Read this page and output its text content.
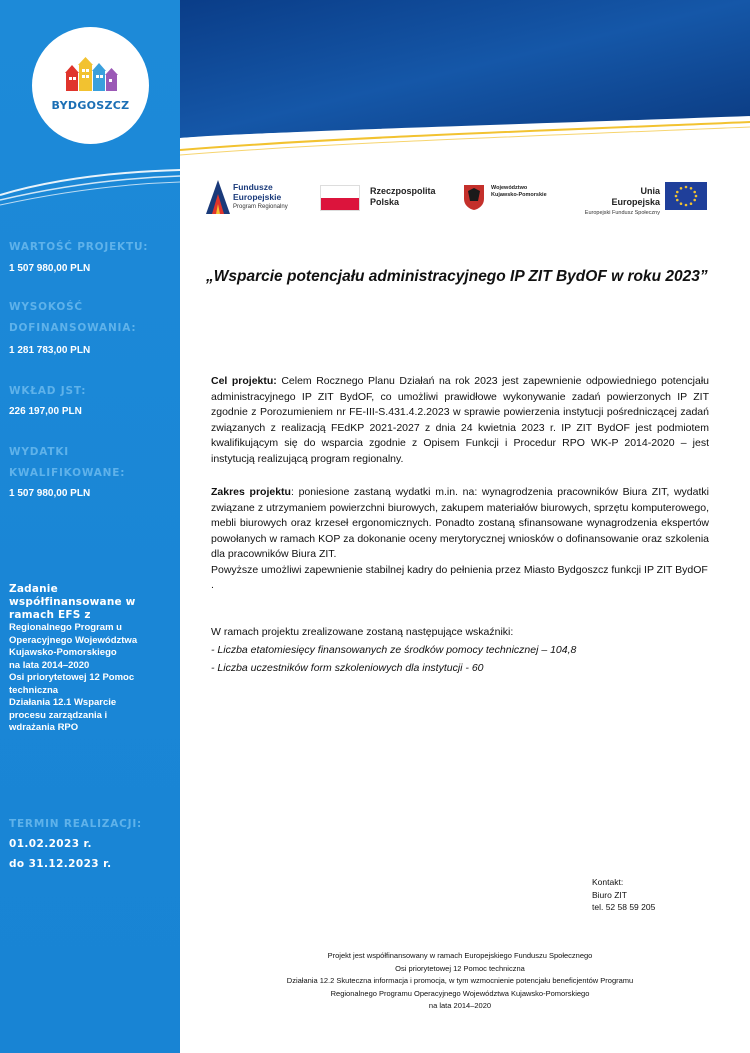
BYDGOSZCZ
WARTOŚĆ PROJEKTU:
1 507 980,00 PLN
WYSOKOŚĆ
DOFINANSOWANIA:
1 281 783,00 PLN
WKŁAD JST:
226 197,00 PLN
WYDATKI
KWALIFIKOWANE:
1 507 980,00 PLN
Zadanie
współfinansowane w
ramach EFS z
Regionalnego Program u
Operacyjnego Województwa
Kujawsko-Pomorskiego
na lata 2014–2020
Osi priorytetowej 12 Pomoc
techniczna
Działania 12.1 Wsparcie
procesu zarządzania i
wdrażania RPO
TERMIN REALIZACJI:
01.02.2023 r.
do 31.12.2023 r.
Fundusze
Europejskie
Program Regionalny
Rzeczpospolita
Polska
Województwo
Kujawsko-Pomorskie	Unia Europejska
Europejski Fundusz Społeczny
„Wsparcie potencjału administracyjnego IP ZIT BydOF w roku 2023”
Cel projektu: Celem Rocznego Planu Działań na rok 2023 jest zapewnienie odpowiedniego potencjału administracyjnego IP ZIT BydOF, co umożliwi prawidłowe wykonywanie zadań powierzonych IP ZIT zgodnie z Porozumieniem nr FE-III-S.431.4.2.2023 w sprawie powierzenia instytucji pośredniczącej zadań związanych z realizacją FEdKP 2021-2027 z dnia 24 kwietnia 2023 r. IP ZIT BydOF jest podmiotem kwalifikującym się do wsparcia zgodnie z Opisem Funkcji i Procedur RPO WK-P 2014-2020 – jest instytucją realizującą program regionalny.
Zakres projektu: poniesione zastaną wydatki m.in. na: wynagrodzenia pracowników Biura ZIT, wydatki związane z utrzymaniem powierzchni biurowych, zakupem materiałów biurowych, sprzętu komputerowego, mebli biurowych oraz krzeseł ergonomicznych. Ponadto zostaną sfinansowane wynagrodzenia ekspertów powołanych w ramach KOP za dokonanie oceny merytorycznej wniosków o dofinansowanie oraz szkolenia dla pracowników Biura ZIT.
Powyższe umożliwi zapewnienie stabilnej kadry do pełnienia przez Miasto Bydgoszcz funkcji IP ZIT BydOF .
W ramach projektu zrealizowane zostaną następujące wskaźniki:
- Liczba etatomiesięcy finansowanych ze środków pomocy technicznej – 104,8
- Liczba uczestników form szkoleniowych dla instytucji - 60
Kontakt:
Biuro ZIT
tel. 52 58 59 205
Projekt jest współfinansowany w ramach Europejskiego Funduszu Społecznego
Osi priorytetowej 12 Pomoc techniczna
Działania 12.2 Skuteczna informacja i promocja, w tym wzmocnienie potencjału beneficjentów Programu
Regionalnego Programu Operacyjnego Województwa Kujawsko-Pomorskiego
na lata 2014–2020
